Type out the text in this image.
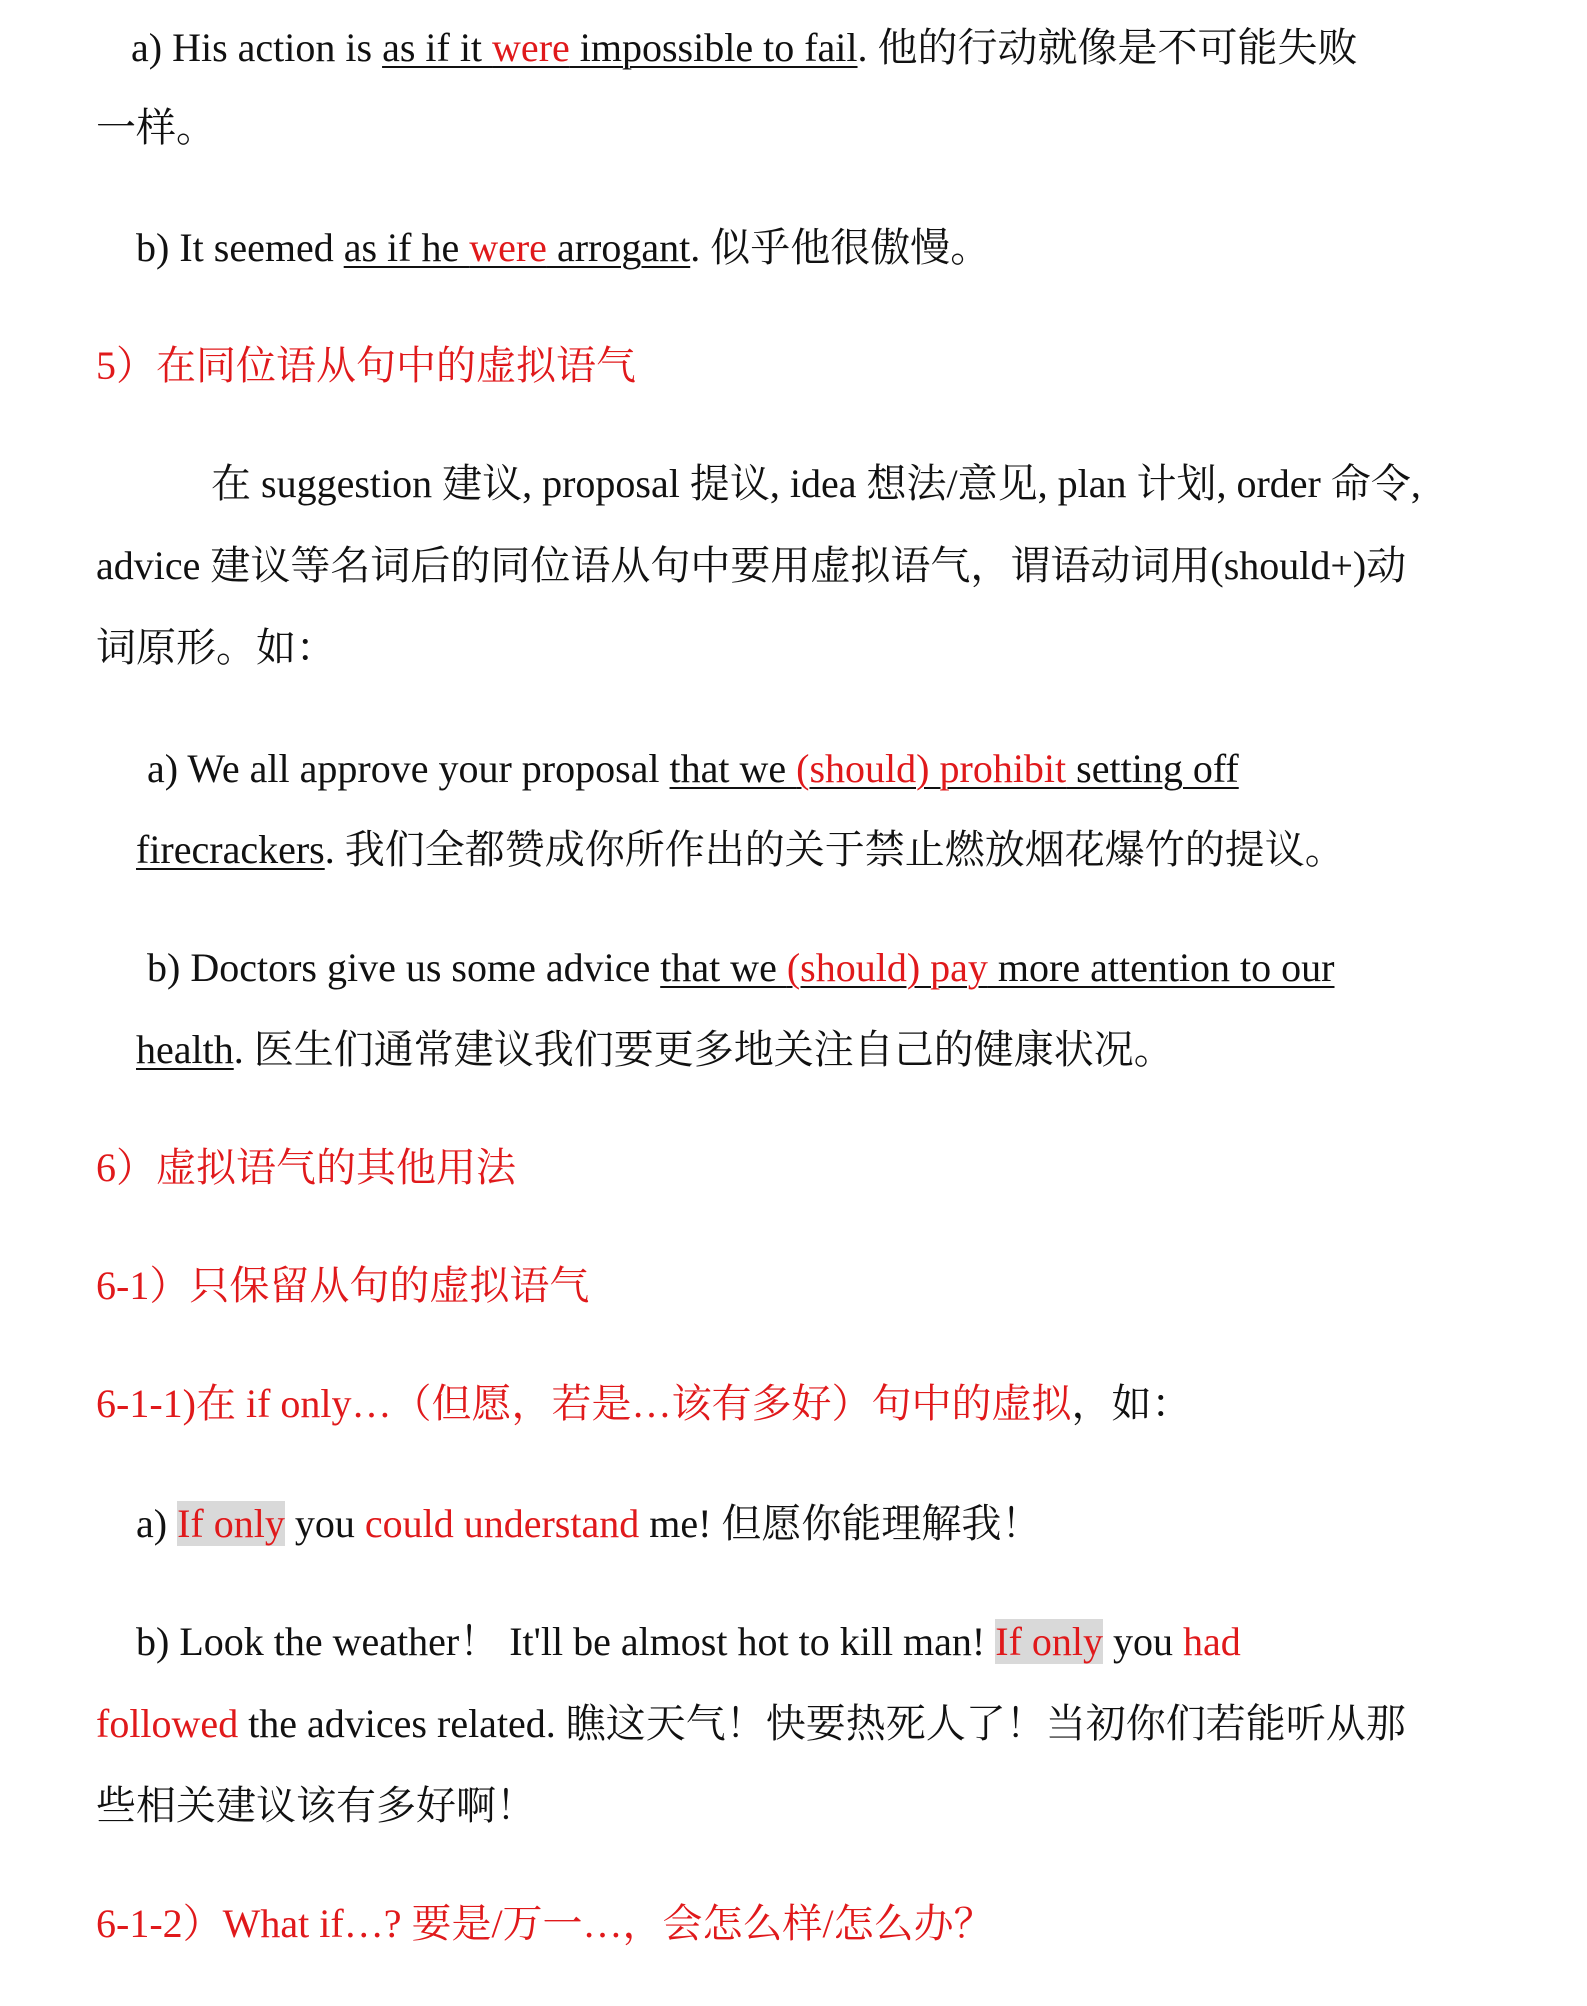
a) His action is as if it were impossible to fail. 他的行动就像是不可能失败
一样。
b) It seemed as if he were arrogant. 似乎他很傲慢。
5）在同位语从句中的虚拟语气
在 suggestion 建议, proposal 提议, idea 想法/意见, plan 计划, order 命令,
advice 建议等名词后的同位语从句中要用虚拟语气，谓语动词用(should+)动
词原形。如：
a) We all approve your proposal that we (should) prohibit setting off
firecrackers. 我们全都赞成你所作出的关于禁止燃放烟花爆竹的提议。
b) Doctors give us some advice that we (should) pay more attention to our
health. 医生们通常建议我们要更多地关注自己的健康状况。
6）虚拟语气的其他用法
6-1）只保留从句的虚拟语气
6-1-1)在 if only…（但愿，若是…该有多好）句中的虚拟，如：
a) If only you could understand me! 但愿你能理解我！
b) Look the weather！ It'll be almost hot to kill man! If only you had
followed the advices related. 瞧这天气！快要热死人了！当初你们若能听从那
些相关建议该有多好啊！
6-1-2）What if…? 要是/万一…，会怎么样/怎么办？
